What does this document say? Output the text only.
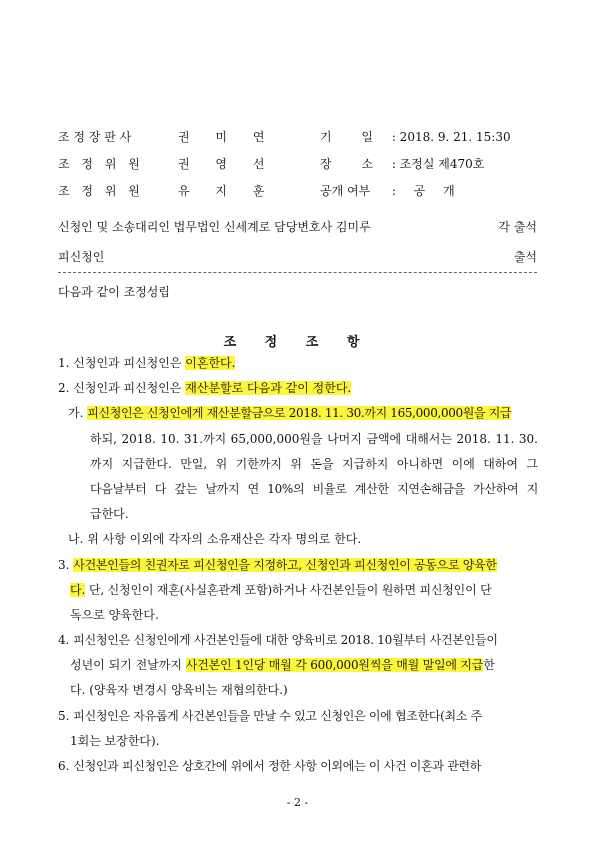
조 정 장 판 사	권 미 연	기 일 : 2018. 9. 21. 15:30
조 정 위 원	권 영 선	장 소 : 조정실 제470호
조 정 위 원	유 지 훈	공개 여부 : 공 개
신청인 및 소송대리인 법무법인 신세계로 담당변호사 김미루	각 출석
피신청인	출석
다음과 같이 조정성립
조 정 조 항
1. 신청인과 피신청인은 이혼한다.
2. 신청인과 피신청인은 재산분할로 다음과 같이 정한다.
가. 피신청인은 신청인에게 재산분할금으로 2018. 11. 30.까지 165,000,000원을 지급
하되, 2018. 10. 31.까지 65,000,000원을 나머지 금액에 대해서는 2018. 11. 30.
까지 지급한다. 만일, 위 기한까지 위 돈을 지급하지 아니하면 이에 대하여 그
다음날부터 다 갚는 날까지 연 10%의 비율로 계산한 지연손해금을 가산하여 지
급한다.
나. 위 사항 이외에 각자의 소유재산은 각자 명의로 한다.
3. 사건본인들의 친권자로 피신청인을 지정하고, 신청인과 피신청인이 공동으로 양육한
다. 단, 신청인이 재혼(사실혼관계 포함)하거나 사건본인들이 원하면 피신청인이 단
독으로 양육한다.
4. 피신청인은 신청인에게 사건본인들에 대한 양육비로 2018. 10월부터 사건본인들이
성년이 되기 전날까지 사건본인 1인당 매월 각 600,000원씩을 매월 말일에 지급한
다. (양육자 변경시 양육비는 재협의한다.)
5. 피신청인은 자유롭게 사건본인들을 만날 수 있고 신청인은 이에 협조한다(최소 주
1회는 보장한다).
6. 신청인과 피신청인은 상호간에 위에서 정한 사항 이외에는 이 사건 이혼과 관련하
- 2 -
